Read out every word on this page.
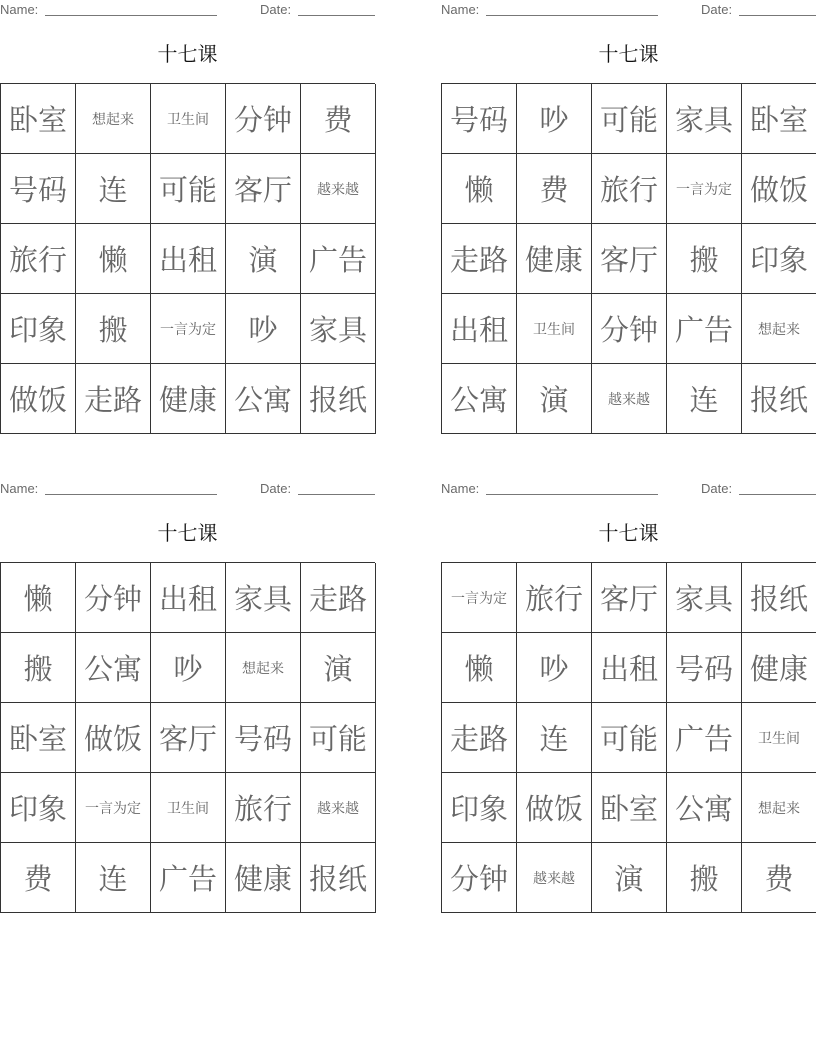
Name:	Date:
十七课
卧室	想起来	卫生间 分钟	费
号码	连	可能 客厅	越来越
旅行	懒	出租	演	广告
印象	搬	一言为定	吵	家具
做饭 走路 健康 公寓 报纸
Name:	Date:
十七课
号码	吵	可能 家具 卧室
懒	费	旅行	一言为定 做饭
走路 健康 客厅	搬	印象
出租	卫生间 分钟 广告	想起来
公寓	演	越来越	连	报纸
Name:	Date:
十七课
懒	分钟 出租 家具 走路
搬	公寓	吵	想起来	演
卧室 做饭 客厅 号码 可能
印象	一言为定	卫生间 旅行	越来越
费	连	广告 健康 报纸
Name:	Date:
十七课
一言为定 旅行 客厅 家具 报纸
懒	吵	出租 号码 健康
走路	连	可能 广告	卫生间
印象 做饭 卧室 公寓	想起来
分钟	越来越	演	搬	费
